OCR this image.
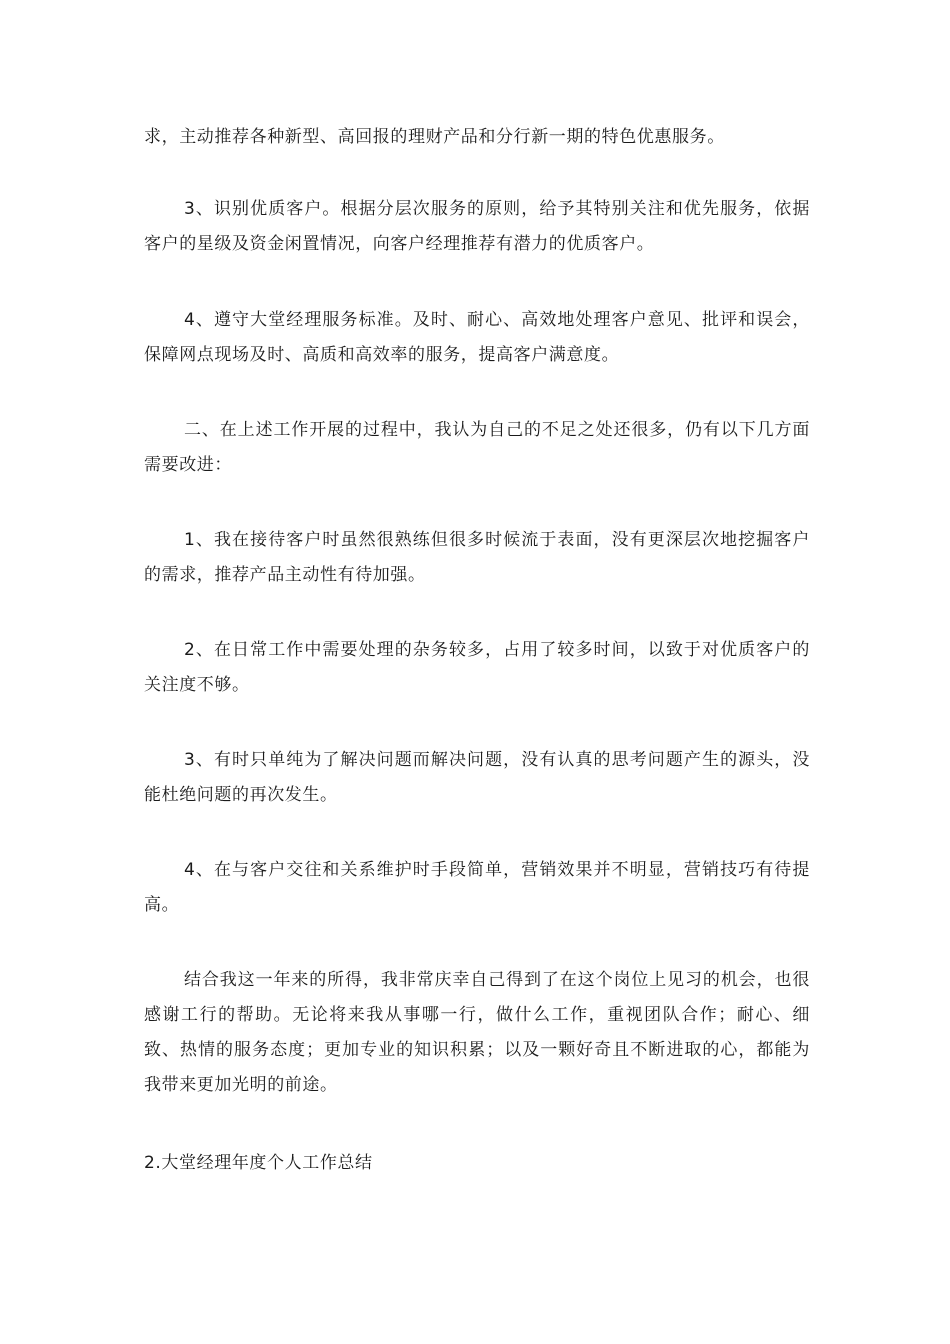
求，主动推荐各种新型、高回报的理财产品和分行新一期的特色优惠服务。

3、识别优质客户。根据分层次服务的原则，给予其特别关注和优先服务，依据客户的星级及资金闲置情况，向客户经理推荐有潜力的优质客户。

4、遵守大堂经理服务标准。及时、耐心、高效地处理客户意见、批评和误会，保障网点现场及时、高质和高效率的服务，提高客户满意度。

二、在上述工作开展的过程中，我认为自己的不足之处还很多，仍有以下几方面需要改进：

1、我在接待客户时虽然很熟练但很多时候流于表面，没有更深层次地挖掘客户的需求，推荐产品主动性有待加强。

2、在日常工作中需要处理的杂务较多，占用了较多时间，以致于对优质客户的关注度不够。

3、有时只单纯为了解决问题而解决问题，没有认真的思考问题产生的源头，没能杜绝问题的再次发生。

4、在与客户交往和关系维护时手段简单，营销效果并不明显，营销技巧有待提高。

结合我这一年来的所得，我非常庆幸自己得到了在这个岗位上见习的机会，也很感谢工行的帮助。无论将来我从事哪一行，做什么工作，重视团队合作；耐心、细致、热情的服务态度；更加专业的知识积累；以及一颗好奇且不断进取的心，都能为我带来更加光明的前途。

2.大堂经理年度个人工作总结
